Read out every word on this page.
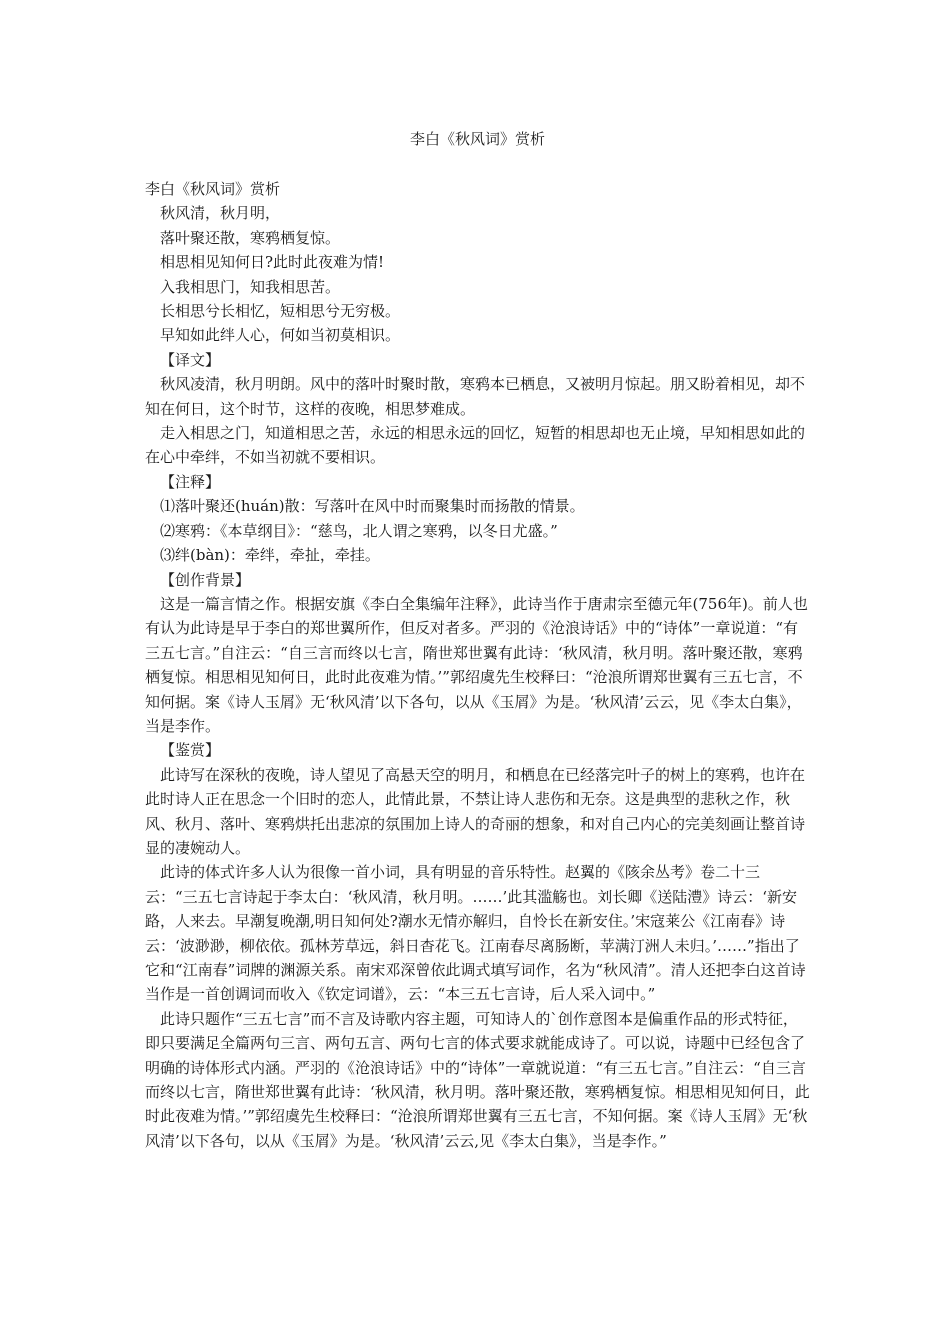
李白《秋风词》赏析

李白《秋风词》赏析

秋风清，秋月明，

落叶聚还散，寒鸦栖复惊。

相思相见知何日?此时此夜难为情!

入我相思门，知我相思苦。

长相思兮长相忆，短相思兮无穷极。

早知如此绊人心，何如当初莫相识。

【译文】

秋风凌清，秋月明朗。风中的落叶时聚时散，寒鸦本已栖息，又被明月惊起。朋又盼着相见，却不知在何日，这个时节，这样的夜晚，相思梦难成。

走入相思之门，知道相思之苦，永远的相思永远的回忆，短暂的相思却也无止境，早知相思如此的在心中牵绊，不如当初就不要相识。

【注释】

⑴落叶聚还(huán)散：写落叶在风中时而聚集时而扬散的情景。

⑵寒鸦：《本草纲目》：“慈鸟，北人谓之寒鸦，以冬日尤盛。”

⑶绊(bàn)：牵绊，牵扯，牵挂。

【创作背景】

这是一篇言情之作。根据安旗《李白全集编年注释》，此诗当作于唐肃宗至德元年(756年)。前人也有认为此诗是早于李白的郑世翼所作，但反对者多。严羽的《沧浪诗话》中的“诗体”一章说道：“有三五七言。”自注云：“自三言而终以七言，隋世郑世翼有此诗：‘秋风清，秋月明。落叶聚还散，寒鸦栖复惊。相思相见知何日，此时此夜难为情。’”郭绍虞先生校释曰：“沧浪所谓郑世翼有三五七言，不知何据。案《诗人玉屑》无‘秋风清’以下各句，以从《玉屑》为是。‘秋风清’云云，见《李太白集》，当是李作。

【鉴赏】

此诗写在深秋的夜晚，诗人望见了高悬天空的明月，和栖息在已经落完叶子的树上的寒鸦，也许在此时诗人正在思念一个旧时的恋人，此情此景，不禁让诗人悲伤和无奈。这是典型的悲秋之作，秋风、秋月、落叶、寒鸦烘托出悲凉的氛围加上诗人的奇丽的想象，和对自己内心的完美刻画让整首诗显的凄婉动人。

此诗的体式许多人认为很像一首小词，具有明显的音乐特性。赵翼的《陔余丛考》卷二十三云：“三五七言诗起于李太白：‘秋风清，秋月明。……’此其滥觞也。刘长卿《送陆澧》诗云：‘新安路，人来去。早潮复晚潮,明日知何处?潮水无情亦解归，自怜长在新安住。’宋寇莱公《江南春》诗云：‘波渺渺，柳依依。孤林芳草远，斜日杳花飞。江南春尽离肠断，苹满汀洲人未归。’……”指出了它和“江南春”词牌的渊源关系。南宋邓深曾依此调式填写词作，名为“秋风清”。清人还把李白这首诗当作是一首创调词而收入《钦定词谱》，云：“本三五七言诗，后人采入词中。”

此诗只题作“三五七言”而不言及诗歌内容主题，可知诗人的`创作意图本是偏重作品的形式特征，即只要满足全篇两句三言、两句五言、两句七言的体式要求就能成诗了。可以说，诗题中已经包含了明确的诗体形式内涵。严羽的《沧浪诗话》中的“诗体”一章就说道：“有三五七言。”自注云：“自三言而终以七言，隋世郑世翼有此诗：‘秋风清，秋月明。落叶聚还散，寒鸦栖复惊。相思相见知何日，此时此夜难为情。’”郭绍虞先生校释曰：“沧浪所谓郑世翼有三五七言，不知何据。案《诗人玉屑》无‘秋风清’以下各句，以从《玉屑》为是。‘秋风清’云云,见《李太白集》，当是李作。”
